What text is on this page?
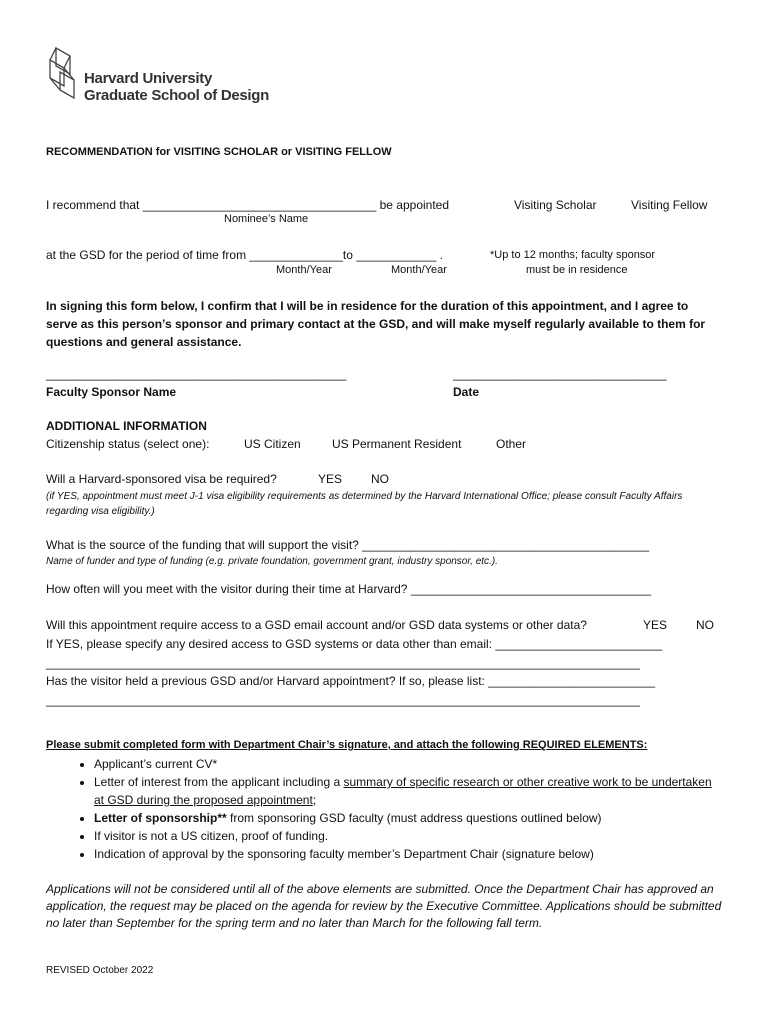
Harvard University
Graduate School of Design
RECOMMENDATION for VISITING SCHOLAR or VISITING FELLOW
I recommend that ___________________________________ be appointed	Visiting Scholar	Visiting Fellow
Nominee’s Name
at the GSD for the period of time from ______________to ____________ .	*Up to 12 months; faculty sponsor
must be in residence
Month/Year	Month/Year
In signing this form below, I confirm that I will be in residence for the duration of this appointment, and I agree to serve as this person’s sponsor and primary contact at the GSD, and will make myself regularly available to them for questions and general assistance.
_____________________________________________	________________________________
Faculty Sponsor Name	Date
ADDITIONAL INFORMATION
Citizenship status (select one):	US Citizen	US Permanent Resident	Other
Will a Harvard-sponsored visa be required?	YES NO
(if YES, appointment must meet J-1 visa eligibility requirements as determined by the Harvard International Office; please consult Faculty Affairs regarding visa eligibility.)
What is the source of the funding that will support the visit? ___________________________________________
Name of funder and type of funding (e.g. private foundation, government grant, industry sponsor, etc.).
How often will you meet with the visitor during their time at Harvard? ____________________________________
Will this appointment require access to a GSD email account and/or GSD data systems or other data?	YES NO
If YES, please specify any desired access to GSD systems or data other than email: _________________________
_________________________________________________________________________________________
Has the visitor held a previous GSD and/or Harvard appointment? If so, please list: _________________________
_________________________________________________________________________________________
Please submit completed form with Department Chair’s signature, and attach the following REQUIRED ELEMENTS:
• Applicant’s current CV*
• Letter of interest from the applicant including a summary of specific research or other creative work to be undertaken at GSD during the proposed appointment;
• Letter of sponsorship** from sponsoring GSD faculty (must address questions outlined below)
• If visitor is not a US citizen, proof of funding.
• Indication of approval by the sponsoring faculty member’s Department Chair (signature below)
Applications will not be considered until all of the above elements are submitted. Once the Department Chair has approved an application, the request may be placed on the agenda for review by the Executive Committee. Applications should be submitted no later than September for the spring term and no later than March for the following fall term.
REVISED October 2022
